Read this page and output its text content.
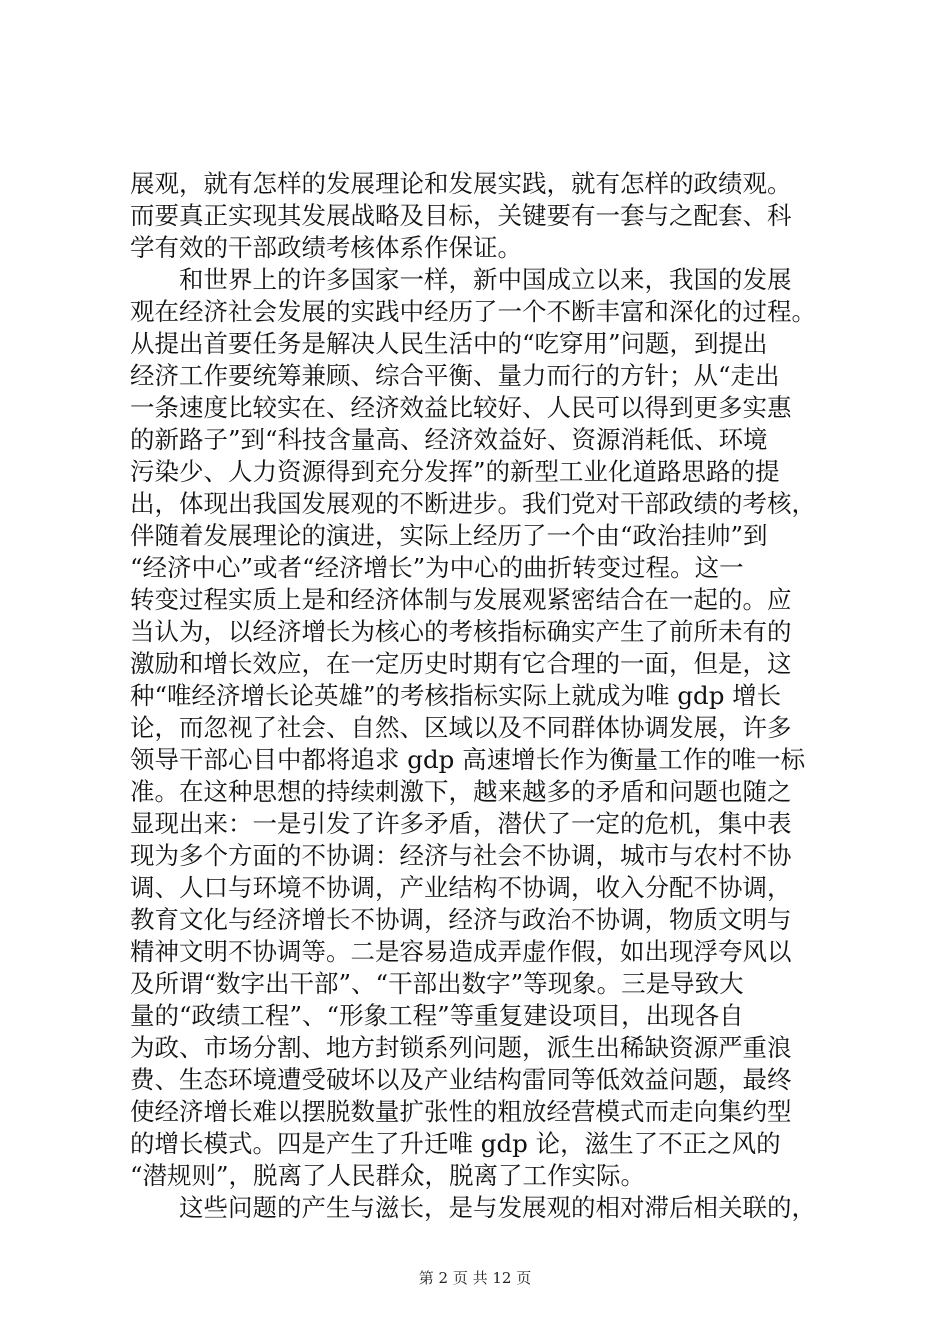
展观，就有怎样的发展理论和发展实践，就有怎样的政绩观。
而要真正实现其发展战略及目标，关键要有一套与之配套、科
学有效的干部政绩考核体系作保证。
　　和世界上的许多国家一样，新中国成立以来，我国的发展
观在经济社会发展的实践中经历了一个不断丰富和深化的过程。
从提出首要任务是解决人民生活中的“吃穿用”问题，到提出
经济工作要统筹兼顾、综合平衡、量力而行的方针；从“走出
一条速度比较实在、经济效益比较好、人民可以得到更多实惠
的新路子”到“科技含量高、经济效益好、资源消耗低、环境
污染少、人力资源得到充分发挥”的新型工业化道路思路的提
出，体现出我国发展观的不断进步。我们党对干部政绩的考核，
伴随着发展理论的演进，实际上经历了一个由“政治挂帅”到
“经济中心”或者“经济增长”为中心的曲折转变过程。这一
转变过程实质上是和经济体制与发展观紧密结合在一起的。应
当认为，以经济增长为核心的考核指标确实产生了前所未有的
激励和增长效应，在一定历史时期有它合理的一面，但是，这
种“唯经济增长论英雄”的考核指标实际上就成为唯 gdp 增长
论，而忽视了社会、自然、区域以及不同群体协调发展，许多
领导干部心目中都将追求 gdp 高速增长作为衡量工作的唯一标
准。在这种思想的持续刺激下，越来越多的矛盾和问题也随之
显现出来：一是引发了许多矛盾，潜伏了一定的危机，集中表
现为多个方面的不协调：经济与社会不协调，城市与农村不协
调、人口与环境不协调，产业结构不协调，收入分配不协调，
教育文化与经济增长不协调，经济与政治不协调，物质文明与
精神文明不协调等。二是容易造成弄虚作假，如出现浮夸风以
及所谓“数字出干部”、“干部出数字”等现象。三是导致大
量的“政绩工程”、“形象工程”等重复建设项目，出现各自
为政、市场分割、地方封锁系列问题，派生出稀缺资源严重浪
费、生态环境遭受破坏以及产业结构雷同等低效益问题，最终
使经济增长难以摆脱数量扩张性的粗放经营模式而走向集约型
的增长模式。四是产生了升迁唯 gdp 论，滋生了不正之风的
“潜规则”，脱离了人民群众，脱离了工作实际。
　　这些问题的产生与滋长，是与发展观的相对滞后相关联的，
第 2 页 共 12 页
